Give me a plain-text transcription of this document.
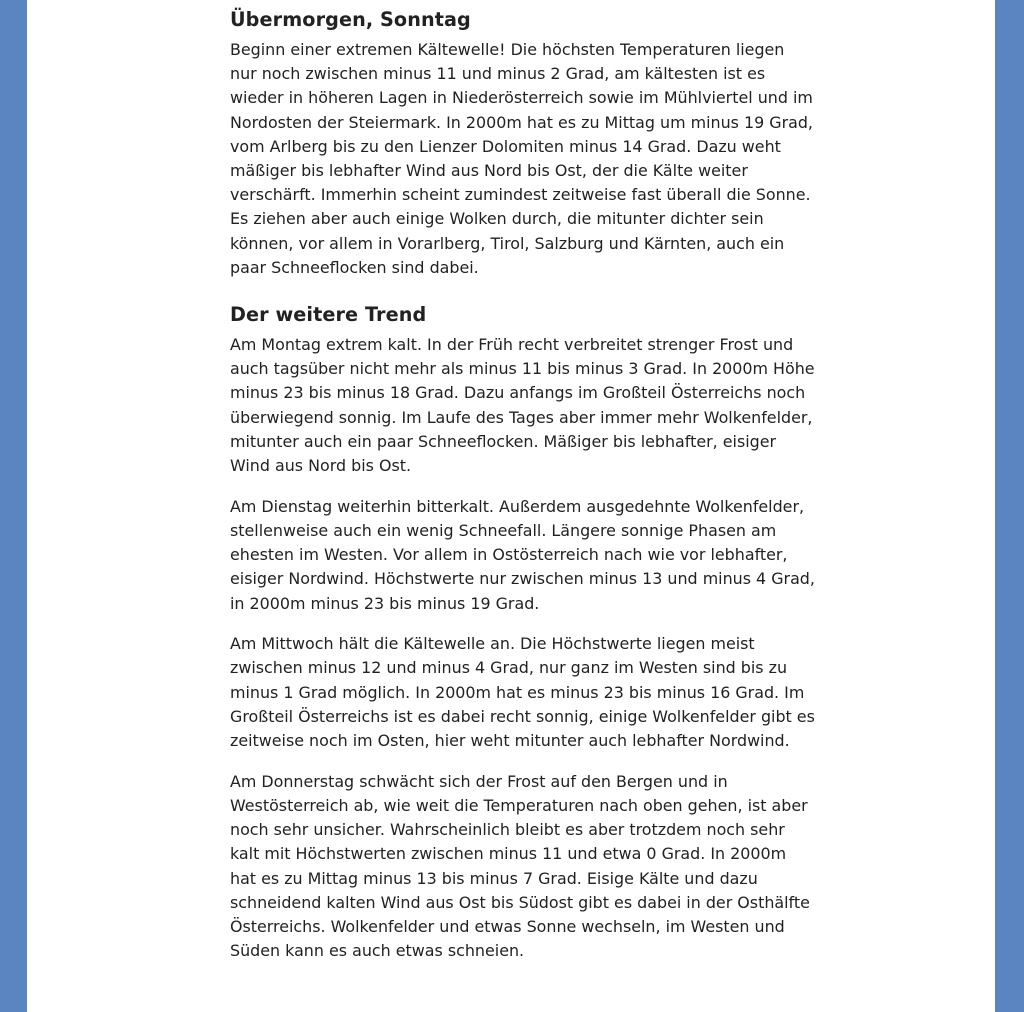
Übermorgen, Sonntag

Beginn einer extremen Kältewelle! Die höchsten Temperaturen liegen nur noch zwischen minus 11 und minus 2 Grad, am kältesten ist es wieder in höheren Lagen in Niederösterreich sowie im Mühlviertel und im Nordosten der Steiermark. In 2000m hat es zu Mittag um minus 19 Grad, vom Arlberg bis zu den Lienzer Dolomiten minus 14 Grad. Dazu weht mäßiger bis lebhafter Wind aus Nord bis Ost, der die Kälte weiter verschärft. Immerhin scheint zumindest zeitweise fast überall die Sonne. Es ziehen aber auch einige Wolken durch, die mitunter dichter sein können, vor allem in Vorarlberg, Tirol, Salzburg und Kärnten, auch ein paar Schneeflocken sind dabei.

Der weitere Trend

Am Montag extrem kalt. In der Früh recht verbreitet strenger Frost und auch tagsüber nicht mehr als minus 11 bis minus 3 Grad. In 2000m Höhe minus 23 bis minus 18 Grad. Dazu anfangs im Großteil Österreichs noch überwiegend sonnig. Im Laufe des Tages aber immer mehr Wolkenfelder, mitunter auch ein paar Schneeflocken. Mäßiger bis lebhafter, eisiger Wind aus Nord bis Ost.

Am Dienstag weiterhin bitterkalt. Außerdem ausgedehnte Wolkenfelder, stellenweise auch ein wenig Schneefall. Längere sonnige Phasen am ehesten im Westen. Vor allem in Ostösterreich nach wie vor lebhafter, eisiger Nordwind. Höchstwerte nur zwischen minus 13 und minus 4 Grad, in 2000m minus 23 bis minus 19 Grad.

Am Mittwoch hält die Kältewelle an. Die Höchstwerte liegen meist zwischen minus 12 und minus 4 Grad, nur ganz im Westen sind bis zu minus 1 Grad möglich. In 2000m hat es minus 23 bis minus 16 Grad. Im Großteil Österreichs ist es dabei recht sonnig, einige Wolkenfelder gibt es zeitweise noch im Osten, hier weht mitunter auch lebhafter Nordwind.

Am Donnerstag schwächt sich der Frost auf den Bergen und in Westösterreich ab, wie weit die Temperaturen nach oben gehen, ist aber noch sehr unsicher. Wahrscheinlich bleibt es aber trotzdem noch sehr kalt mit Höchstwerten zwischen minus 11 und etwa 0 Grad. In 2000m hat es zu Mittag minus 13 bis minus 7 Grad. Eisige Kälte und dazu schneidend kalten Wind aus Ost bis Südost gibt es dabei in der Osthälfte Österreichs. Wolkenfelder und etwas Sonne wechseln, im Westen und Süden kann es auch etwas schneien.
